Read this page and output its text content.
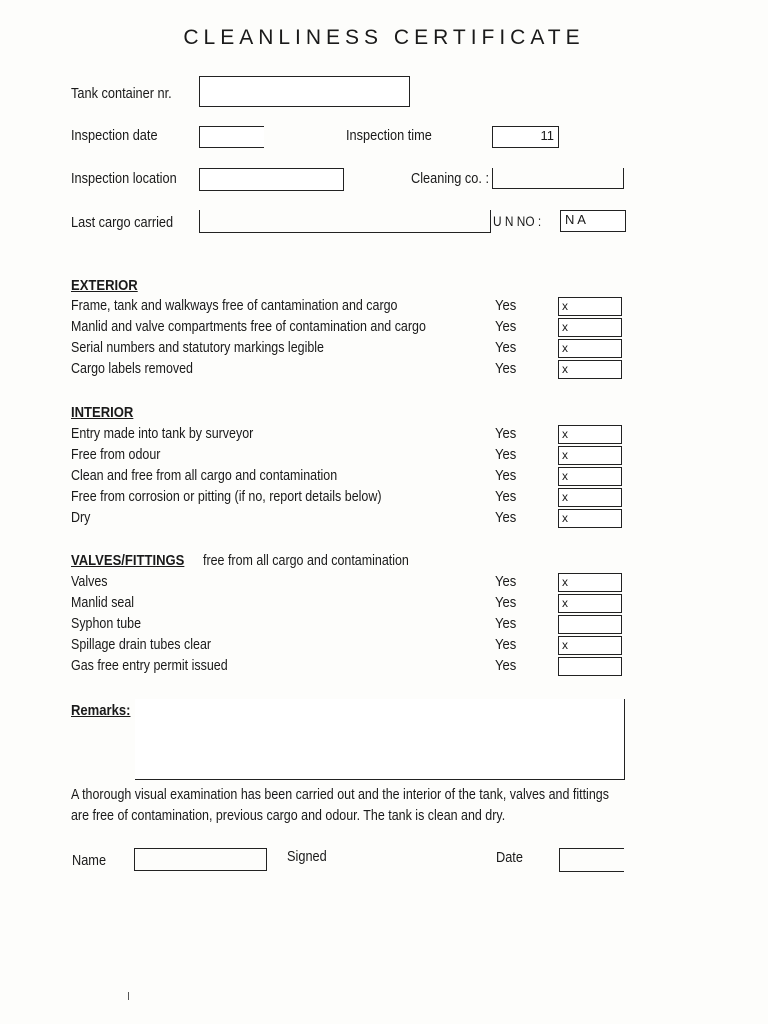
CLEANLINESS CERTIFICATE
Tank container nr.
Inspection date	Inspection time	11
Inspection location	Cleaning co. :
Last cargo carried	U N NO :	N A
EXTERIOR
Frame, tank and walkways free of cantamination and cargo	Yes	x
Manlid and valve compartments free of contamination and cargo	Yes	x
Serial numbers and statutory markings legible	Yes	x
Cargo labels removed	Yes	x
INTERIOR
Entry made into tank by surveyor	Yes	x
Free from odour	Yes	x
Clean and free from all cargo and contamination	Yes	x
Free from corrosion or pitting (if no, report details below)	Yes	x
Dry	Yes	x
VALVES/FITTINGS free from all cargo and contamination
Valves	Yes	x
Manlid seal	Yes	x
Syphon tube	Yes
Spillage drain tubes clear	Yes	x
Gas free entry permit issued	Yes
Remarks:
A thorough visual examination has been carried out and the interior of the tank, valves and fittings
are free of contamination, previous cargo and odour. The tank is clean and dry.
Name	Signed	Date
